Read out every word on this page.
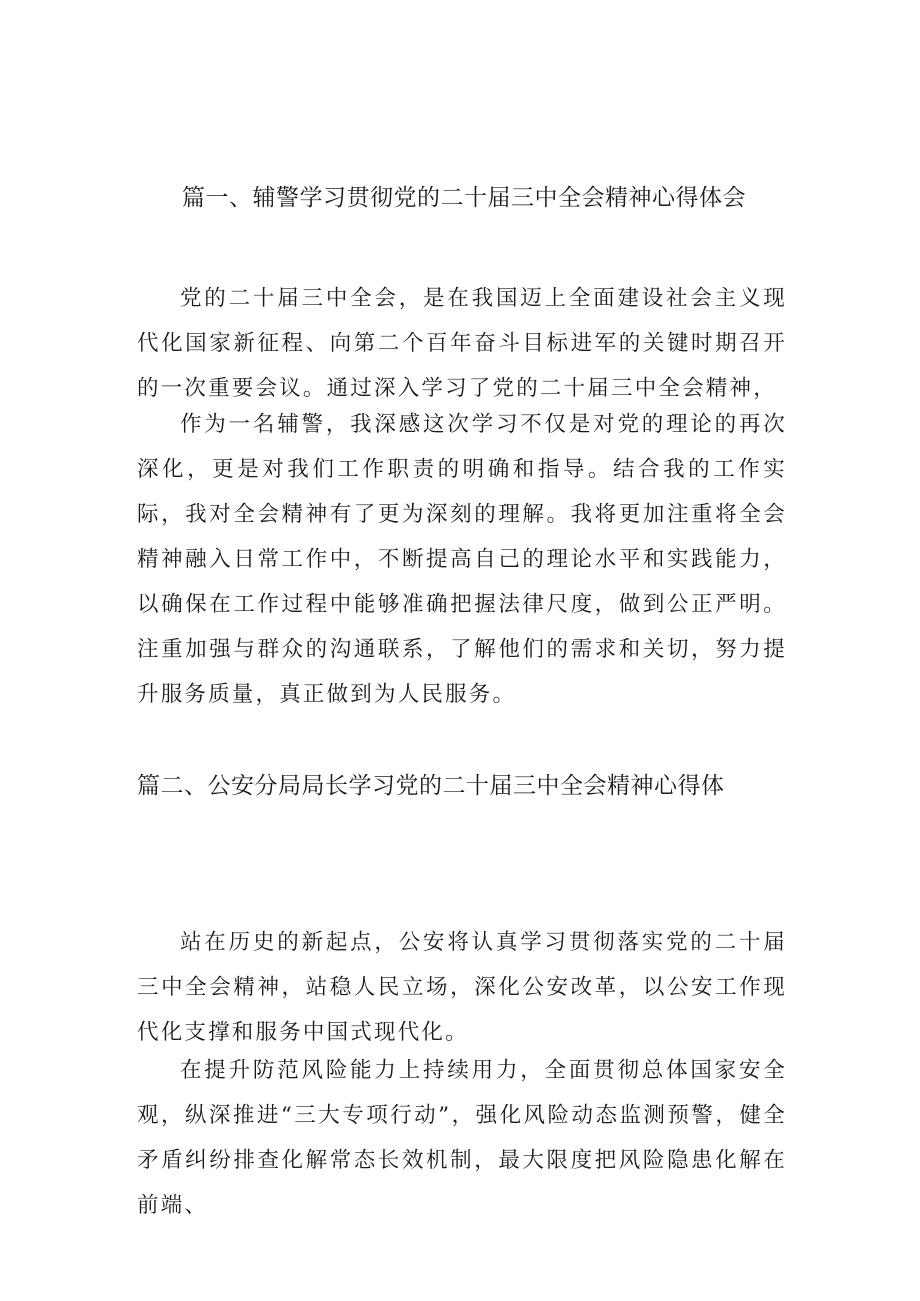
篇一、辅警学习贯彻党的二十届三中全会精神心得体会

党的二十届三中全会，是在我国迈上全面建设社会主义现代化国家新征程、向第二个百年奋斗目标进军的关键时期召开的一次重要会议。通过深入学习了党的二十届三中全会精神，

作为一名辅警，我深感这次学习不仅是对党的理论的再次深化，更是对我们工作职责的明确和指导。结合我的工作实际，我对全会精神有了更为深刻的理解。我将更加注重将全会精神融入日常工作中，不断提高自己的理论水平和实践能力，以确保在工作过程中能够准确把握法律尺度，做到公正严明。注重加强与群众的沟通联系，了解他们的需求和关切，努力提升服务质量，真正做到为人民服务。

篇二、公安分局局长学习党的二十届三中全会精神心得体

站在历史的新起点，公安将认真学习贯彻落实党的二十届三中全会精神，站稳人民立场，深化公安改革，以公安工作现代化支撑和服务中国式现代化。

在提升防范风险能力上持续用力，全面贯彻总体国家安全观，纵深推进“三大专项行动”，强化风险动态监测预警，健全矛盾纠纷排查化解常态长效机制，最大限度把风险隐患化解在前端、
